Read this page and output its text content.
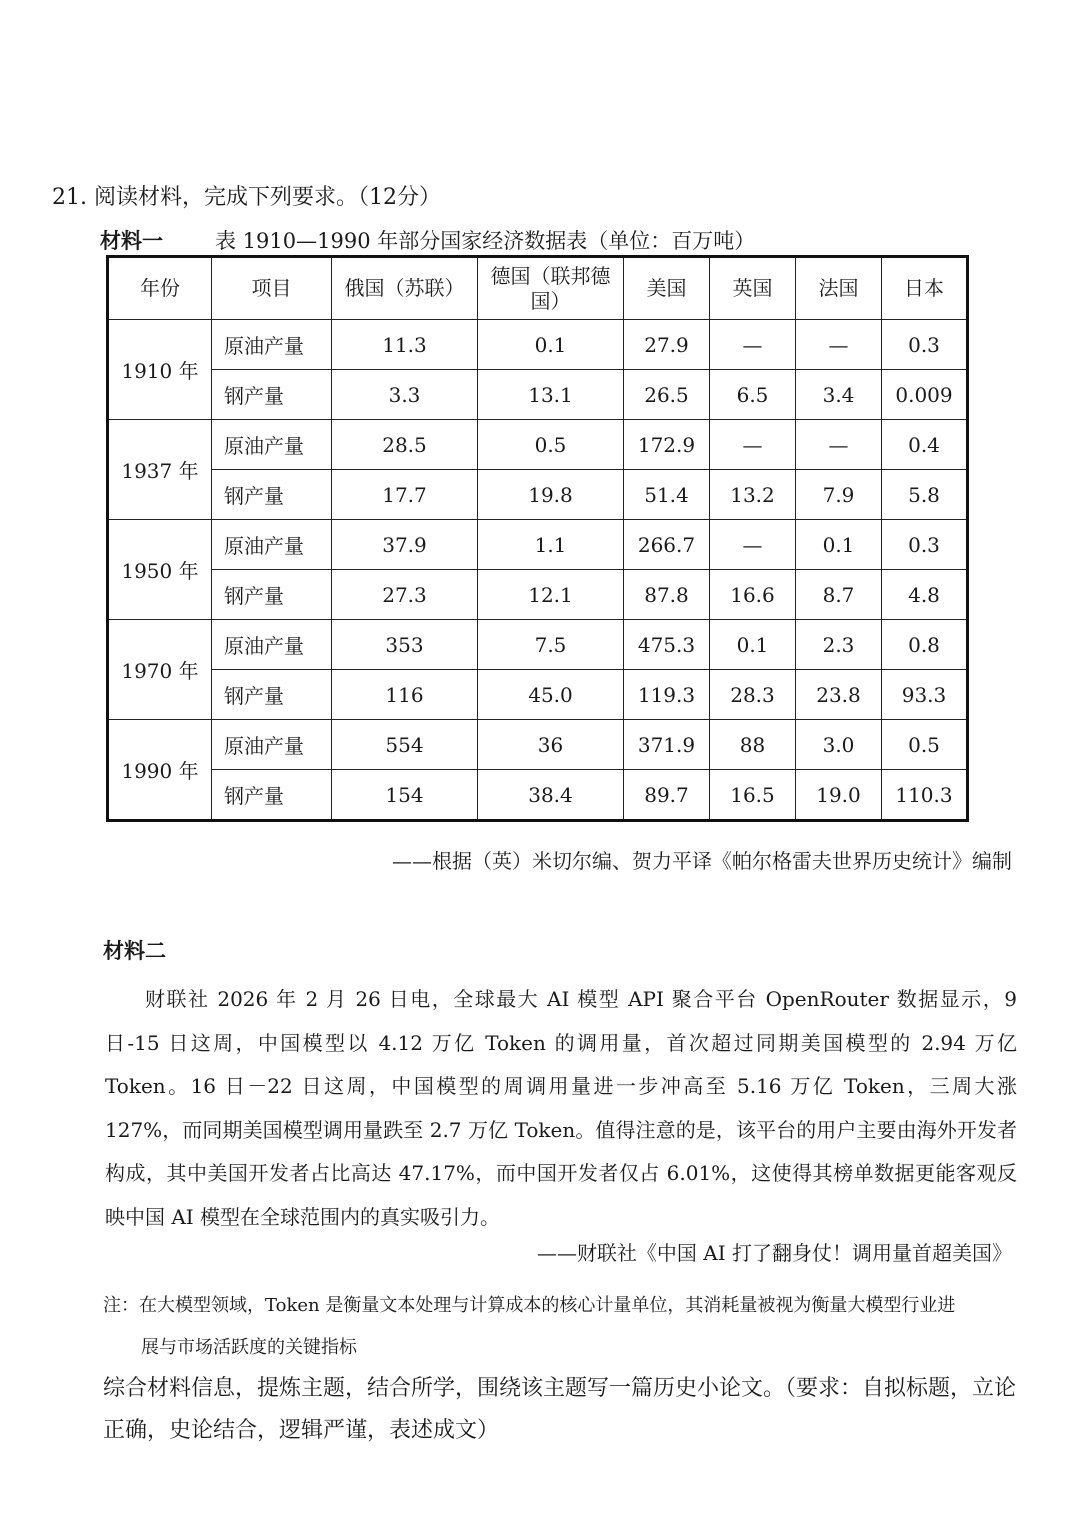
21. 阅读材料，完成下列要求。（12分）
材料一 表 1910—1990 年部分国家经济数据表（单位：百万吨）
年份	项目	俄国（苏联）	德国（联邦德国）	美国	英国	法国	日本
1910 年	原油产量	11.3	0.1	27.9	—	—	0.3
	钢产量	3.3	13.1	26.5	6.5	3.4	0.009
1937 年	原油产量	28.5	0.5	172.9	—	—	0.4
	钢产量	17.7	19.8	51.4	13.2	7.9	5.8
1950 年	原油产量	37.9	1.1	266.7	—	0.1	0.3
	钢产量	27.3	12.1	87.8	16.6	8.7	4.8
1970 年	原油产量	353	7.5	475.3	0.1	2.3	0.8
	钢产量	116	45.0	119.3	28.3	23.8	93.3
1990 年	原油产量	554	36	371.9	88	3.0	0.5
	钢产量	154	38.4	89.7	16.5	19.0	110.3
——根据（英）米切尔编、贺力平译《帕尔格雷夫世界历史统计》编制
材料二

财联社 2026 年 2 月 26 日电，全球最大 AI 模型 API 聚合平台 OpenRouter 数据显示，9 日-15 日这周，中国模型以 4.12 万亿 Token 的调用量，首次超过同期美国模型的 2.94 万亿 Token。16 日－22 日这周，中国模型的周调用量进一步冲高至 5.16 万亿 Token，三周大涨 127%，而同期美国模型调用量跌至 2.7 万亿 Token。值得注意的是，该平台的用户主要由海外开发者构成，其中美国开发者占比高达 47.17%，而中国开发者仅占 6.01%，这使得其榜单数据更能客观反映中国 AI 模型在全球范围内的真实吸引力。

——财联社《中国 AI 打了翻身仗！调用量首超美国》

注：在大模型领域，Token 是衡量文本处理与计算成本的核心计量单位，其消耗量被视为衡量大模型行业进
展与市场活跃度的关键指标

综合材料信息，提炼主题，结合所学，围绕该主题写一篇历史小论文。（要求：自拟标题，立论正确，史论结合，逻辑严谨，表述成文）
